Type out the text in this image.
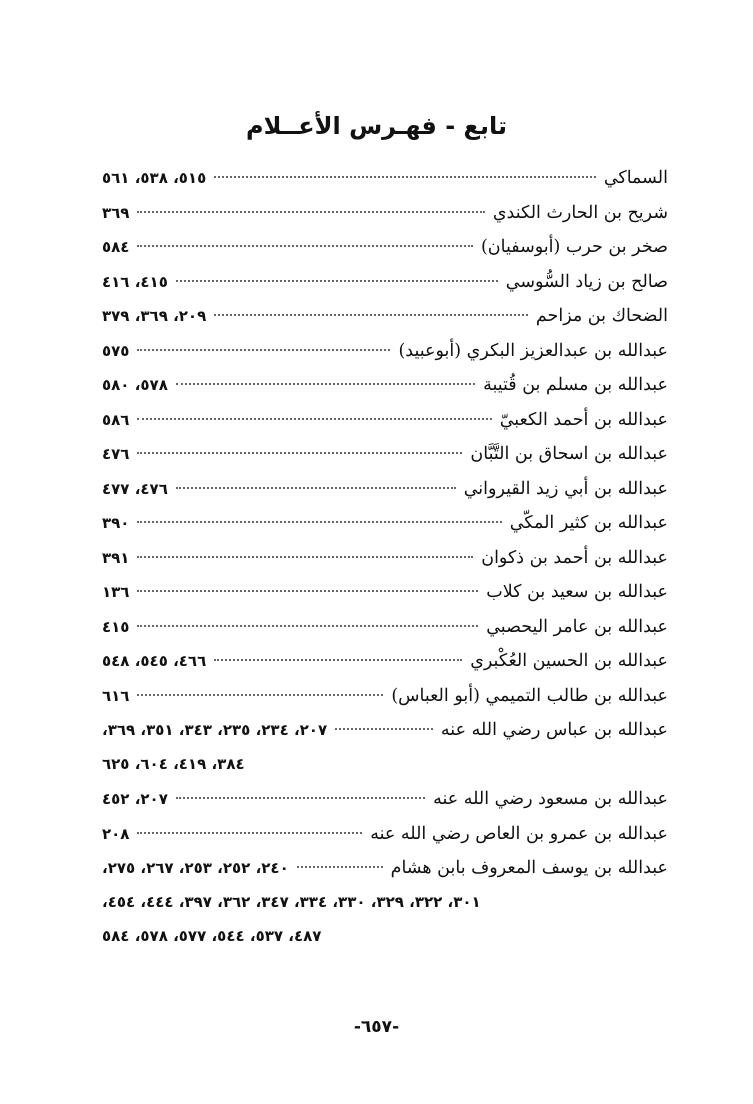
تابع - فهـرس الأعــلام
السماكي
٥١٥، ٥٣٨، ٥٦١
شريح بن الحارث الكندي
٣٦٩
صخر بن حرب (أبوسفيان)
٥٨٤
صالح بن زياد السُّوسي
٤١٥، ٤١٦
الضحاك بن مزاحم
٢٠٩، ٣٦٩، ٣٧٩
عبدالله بن عبدالعزيز البكري (أبوعبيد)
٥٧٥
عبدالله بن مسلم بن قُتيبة
٥٧٨، ٥٨٠
عبدالله بن أحمد الكعبيّ
٥٨٦
عبدالله بن اسحاق بن التَّبَّان
٤٧٦
عبدالله بن أبي زيد القيرواني
٤٧٦، ٤٧٧
عبدالله بن كثير المكّي
٣٩٠
عبدالله بن أحمد بن ذكوان
٣٩١
عبدالله بن سعيد بن كلاب
١٣٦
عبدالله بن عامر اليحصبي
٤١٥
عبدالله بن الحسين العُكْبري
٤٦٦، ٥٤٥، ٥٤٨
عبدالله بن طالب التميمي (أبو العباس)
٦١٦
عبدالله بن عباس رضي الله عنه
٢٠٧، ٢٣٤، ٢٣٥، ٣٤٣، ٣٥١، ٣٦٩،
٣٨٤، ٤١٩، ٦٠٤، ٦٢٥
عبدالله بن مسعود رضي الله عنه
٢٠٧، ٤٥٢
عبدالله بن عمرو بن العاص رضي الله عنه
٢٠٨
عبدالله بن يوسف المعروف بابن هشام
٢٤٠، ٢٥٢، ٢٥٣، ٢٦٧، ٢٧٥،
٣٠١، ٣٢٢، ٣٢٩، ٣٣٠، ٣٣٤، ٣٤٧، ٣٦٢، ٣٩٧، ٤٤٤، ٤٥٤،
٤٨٧، ٥٣٧، ٥٤٤، ٥٧٧، ٥٧٨، ٥٨٤
-٦٥٧-
